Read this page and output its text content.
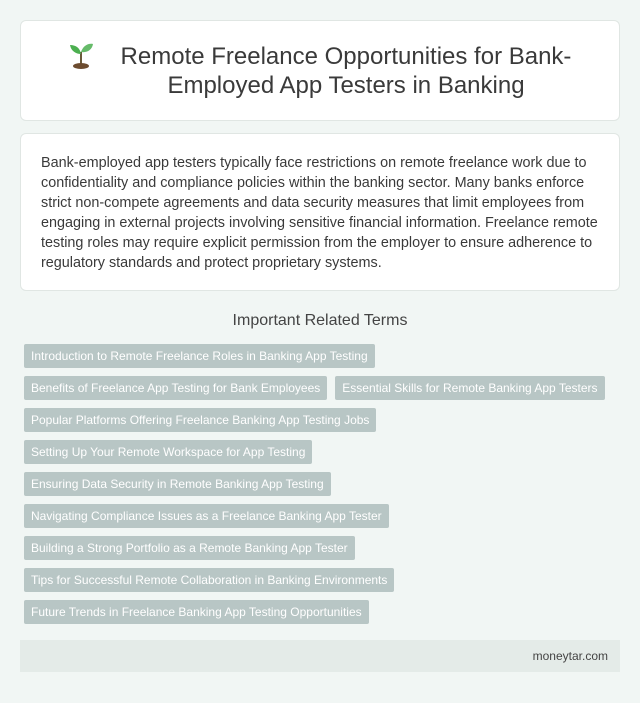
Remote Freelance Opportunities for Bank-Employed App Testers in Banking

Bank-employed app testers typically face restrictions on remote freelance work due to confidentiality and compliance policies within the banking sector. Many banks enforce strict non-compete agreements and data security measures that limit employees from engaging in external projects involving sensitive financial information. Freelance remote testing roles may require explicit permission from the employer to ensure adherence to regulatory standards and protect proprietary systems.

Important Related Terms
Introduction to Remote Freelance Roles in Banking App Testing
Benefits of Freelance App Testing for Bank Employees	Essential Skills for Remote Banking App Testers
Popular Platforms Offering Freelance Banking App Testing Jobs
Setting Up Your Remote Workspace for App Testing
Ensuring Data Security in Remote Banking App Testing
Navigating Compliance Issues as a Freelance Banking App Tester
Building a Strong Portfolio as a Remote Banking App Tester
Tips for Successful Remote Collaboration in Banking Environments
Future Trends in Freelance Banking App Testing Opportunities
moneytar.com
